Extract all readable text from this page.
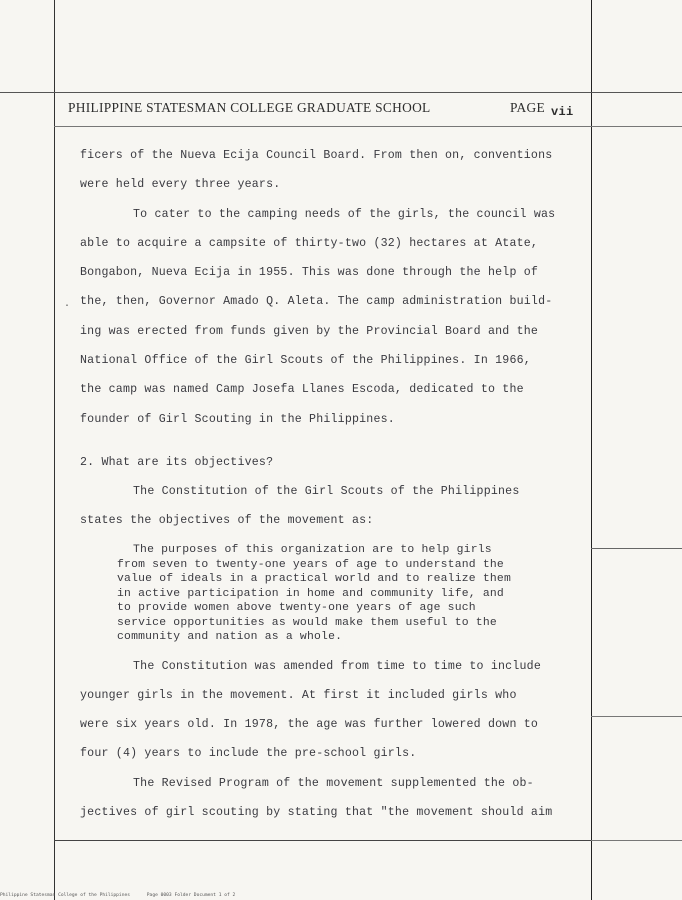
PHILIPPINE STATESMAN COLLEGE GRADUATE SCHOOL	PAGE vii
·
ficers of the Nueva Ecija Council Board. From then on, conventions
were held every three years.
To cater to the camping needs of the girls, the council was
able to acquire a campsite of thirty-two (32) hectares at Atate,
Bongabon, Nueva Ecija in 1955. This was done through the help of
the, then, Governor Amado Q. Aleta. The camp administration build-
ing was erected from funds given by the Provincial Board and the
National Office of the Girl Scouts of the Philippines. In 1966,
the camp was named Camp Josefa Llanes Escoda, dedicated to the
founder of Girl Scouting in the Philippines.
2. What are its objectives?
The Constitution of the Girl Scouts of the Philippines
states the objectives of the movement as:
The purposes of this organization are to help girls
from seven to twenty-one years of age to understand the
value of ideals in a practical world and to realize them
in active participation in home and community life, and
to provide women above twenty-one years of age such
service opportunities as would make them useful to the
community and nation as a whole.
The Constitution was amended from time to time to include
younger girls in the movement. At first it included girls who
were six years old. In 1978, the age was further lowered down to
four (4) years to include the pre-school girls.
The Revised Program of the movement supplemented the ob-
jectives of girl scouting by stating that "the movement should aim
Philippine Statesman College of the Philippines	Page 0003 Folder Document 1 of 2
